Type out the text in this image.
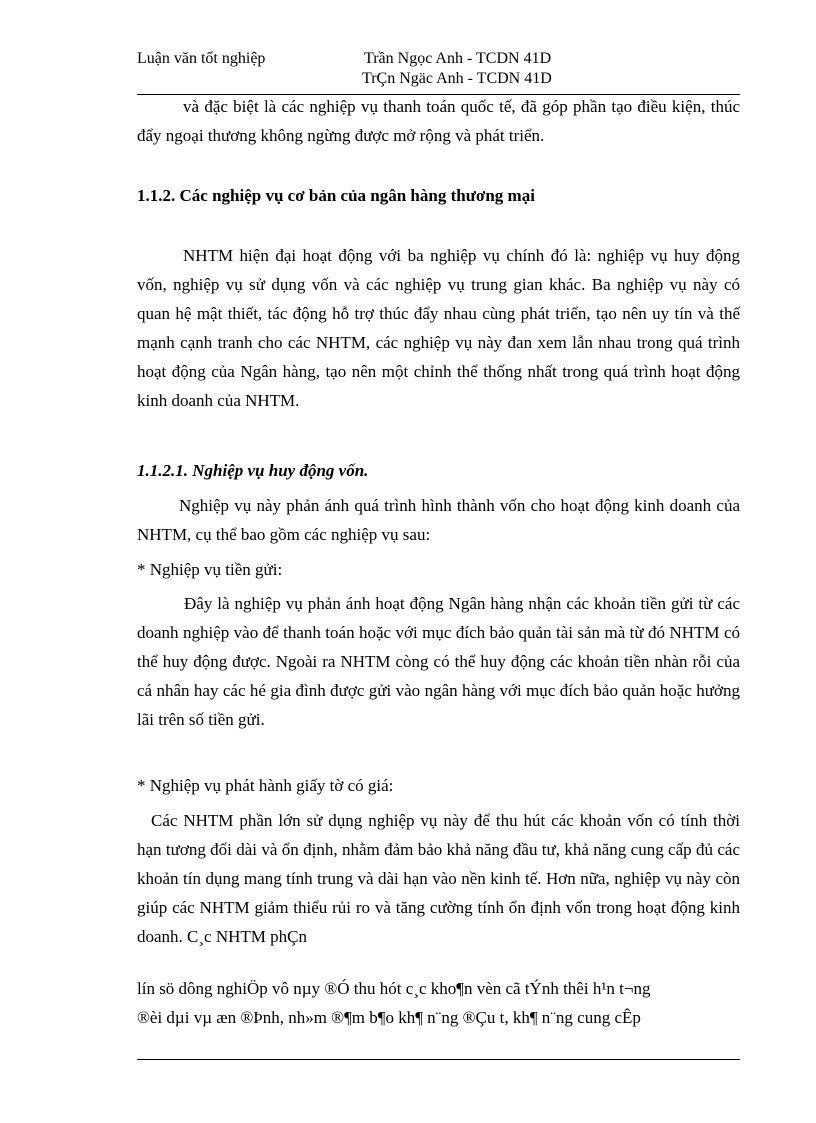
Luận văn tốt nghiệp	Trần Ngọc Anh - TCDN 41D
TrÇn Ngäc Anh - TCDN 41D
và đặc biệt là các nghiệp vụ thanh toán quốc tế, đã góp phần tạo điều kiện, thúc đẩy ngoại thương không ngừng được mở rộng và phát triển.
1.1.2. Các nghiệp vụ cơ bản của ngân hàng thương mại
NHTM hiện đại hoạt động với ba nghiệp vụ chính đó là: nghiệp vụ huy động vốn, nghiệp vụ sử dụng vốn và các nghiệp vụ trung gian khác. Ba nghiệp vụ này có quan hệ mật thiết, tác động hỗ trợ thúc đẩy nhau cùng phát triển, tạo nên uy tín và thế mạnh cạnh tranh cho các NHTM, các nghiệp vụ này đan xem lẫn nhau trong quá trình hoạt động của Ngân hàng, tạo nên một chỉnh thể thống nhất trong quá trình hoạt động kinh doanh của NHTM.
1.1.2.1. Nghiệp vụ huy động vốn.
Nghiệp vụ này phản ánh quá trình hình thành vốn cho hoạt động kinh doanh của NHTM, cụ thể bao gồm các nghiệp vụ sau:
* Nghiệp vụ tiền gửi:
Đây là nghiệp vụ phản ánh hoạt động Ngân hàng nhận các khoản tiền gửi từ các doanh nghiệp vào để thanh toán hoặc với mục đích bảo quản tài sản mà từ đó NHTM có thể huy động được. Ngoài ra NHTM còng có thể huy động các khoản tiền nhàn rỗi của cá nhân hay các hé gia đình được gửi vào ngân hàng với mục đích bảo quản hoặc hưởng lãi trên số tiền gửi.
* Nghiệp vụ phát hành giấy tờ có giá:
Các NHTM phần lớn sử dụng nghiệp vụ này để thu hút các khoản vốn có tính thời hạn tương đối dài và ổn định, nhằm đảm bảo khả năng đầu tư, khả năng cung cấp đủ các khoản tín dụng mang tính trung và dài hạn vào nền kinh tế. Hơn nữa, nghiệp vụ này còn giúp các NHTM giảm thiểu rủi ro và tăng cường tính ổn định vốn trong hoạt động kinh doanh. C¸c NHTM phÇn
lín sö dông nghiÖp vô nµy ®Ó thu hót c¸c kho¶n vèn cã tÝnh thêi h¹n t¬ng
®èi dµi vµ æn ®Þnh, nh»m ®¶m b¶o kh¶ n¨ng ®Çu t, kh¶ n¨ng cung cÊp
